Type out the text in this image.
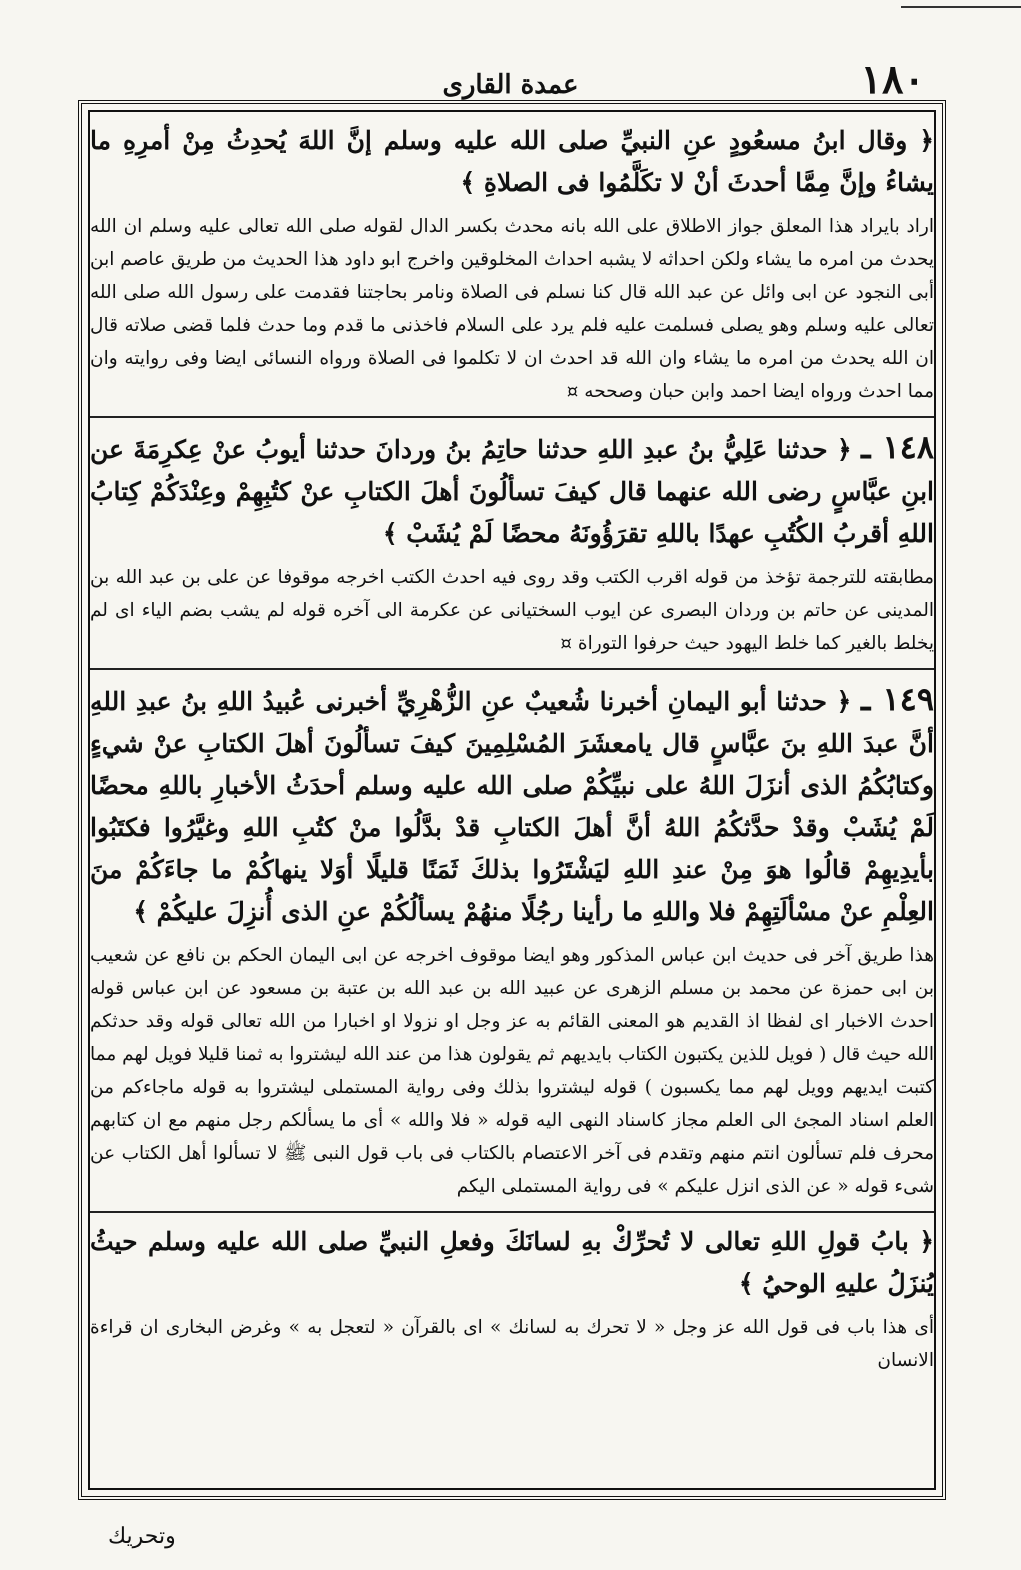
عمدة القارى	١٨٠

﴿ وقال ابنُ مسعُودٍ عنِ النبيِّ صلى الله عليه وسلم إنَّ اللهَ يُحدِثُ مِنْ أمرِهِ ما يشاءُ وإنَّ مِمَّا أحدثَ أنْ لا تكَلَّمُوا فى الصلاةِ ﴾

اراد بايراد هذا المعلق جواز الاطلاق على الله بانه محدث بكسر الدال لقوله صلى الله تعالى عليه وسلم ان الله يحدث من امره ما يشاء ولكن احداثه لا يشبه احداث المخلوقين واخرج ابو داود هذا الحديث من طريق عاصم ابن أبى النجود عن ابى وائل عن عبد الله قال كنا نسلم فى الصلاة ونامر بحاجتنا فقدمت على رسول الله صلى الله تعالى عليه وسلم وهو يصلى فسلمت عليه فلم يرد على السلام فاخذنى ما قدم وما حدث فلما قضى صلاته قال ان الله يحدث من امره ما يشاء وان الله قد احدث ان لا تكلموا فى الصلاة ورواه النسائى ايضا وفى روايته وان مما احدث ورواه ايضا احمد وابن حبان وصححه ¤

١٤٨ ـ ﴿ حدثنا عَلِيُّ بنُ عبدِ اللهِ حدثنا حاتِمُ بنُ وردانَ حدثنا أيوبُ عنْ عِكرِمَةَ عن ابنِ عبَّاسٍ رضى الله عنهما قال كيفَ تسألُونَ أهلَ الكتابِ عنْ كتُبِهِمْ وعِنْدَكُمْ كِتابُ اللهِ أقربُ الكُتُبِ عهدًا باللهِ تقرَؤُونَهُ محضًا لَمْ يُشَبْ ﴾

مطابقته للترجمة تؤخذ من قوله اقرب الكتب وقد روى فيه احدث الكتب اخرجه موقوفا عن على بن عبد الله بن المدينى عن حاتم بن وردان البصرى عن ايوب السختيانى عن عكرمة الى آخره قوله لم يشب بضم الياء اى لم يخلط بالغير كما خلط اليهود حيث حرفوا التوراة ¤

١٤٩ ـ ﴿ حدثنا أبو اليمانِ أخبرنا شُعيبٌ عنِ الزُّهْرِيِّ أخبرنى عُبيدُ اللهِ بنُ عبدِ اللهِ أنَّ عبدَ اللهِ بنَ عبَّاسٍ قال يامعشَرَ المُسْلِمِينَ كيفَ تسألُونَ أهلَ الكتابِ عنْ شيءٍ وكتابُكُمُ الذى أنزَلَ اللهُ على نبيِّكُمْ صلى الله عليه وسلم أحدَثُ الأخبارِ باللهِ محضًا لَمْ يُشَبْ وقدْ حدَّثكُمُ اللهُ أنَّ أهلَ الكتابِ قدْ بدَّلُوا منْ كتُبِ اللهِ وغيَّرُوا فكتَبُوا بأيدِيهِمْ قالُوا هوَ مِنْ عندِ اللهِ ليَشْتَرُوا بذلكَ ثَمَنًا قليلًا أوَلا ينهاكُمْ ما جاءَكُمْ منَ العِلْمِ عنْ مسْألَتِهِمْ فلا واللهِ ما رأينا رجُلًا منهُمْ يسألُكُمْ عنِ الذى أُنزِلَ عليكُمْ ﴾

هذا طريق آخر فى حديث ابن عباس المذكور وهو ايضا موقوف اخرجه عن ابى اليمان الحكم بن نافع عن شعيب بن ابى حمزة عن محمد بن مسلم الزهرى عن عبيد الله بن عبد الله بن عتبة بن مسعود عن ابن عباس قوله احدث الاخبار اى لفظا اذ القديم هو المعنى القائم به عز وجل او نزولا او اخبارا من الله تعالى قوله وقد حدثكم الله حيث قال ( فويل للذين يكتبون الكتاب بايديهم ثم يقولون هذا من عند الله ليشتروا به ثمنا قليلا فويل لهم مما كتبت ايديهم وويل لهم مما يكسبون ) قوله ليشتروا بذلك وفى رواية المستملى ليشتروا به قوله ماجاءكم من العلم اسناد المجئ الى العلم مجاز كاسناد النهى اليه قوله « فلا والله » أى ما يسألكم رجل منهم مع ان كتابهم محرف فلم تسألون انتم منهم وتقدم فى آخر الاعتصام بالكتاب فى باب قول النبى ﷺ لا تسألوا أهل الكتاب عن شىء قوله « عن الذى انزل عليكم » فى رواية المستملى اليكم

﴿ بابُ قولِ اللهِ تعالى لا تُحرِّكْ بهِ لسانَكَ وفعلِ النبيِّ صلى الله عليه وسلم حيثُ يُنزَلُ عليهِ الوحيُ ﴾

أى هذا باب فى قول الله عز وجل « لا تحرك به لسانك » اى بالقرآن « لتعجل به » وغرض البخارى ان قراءة الانسان

وتحريك
